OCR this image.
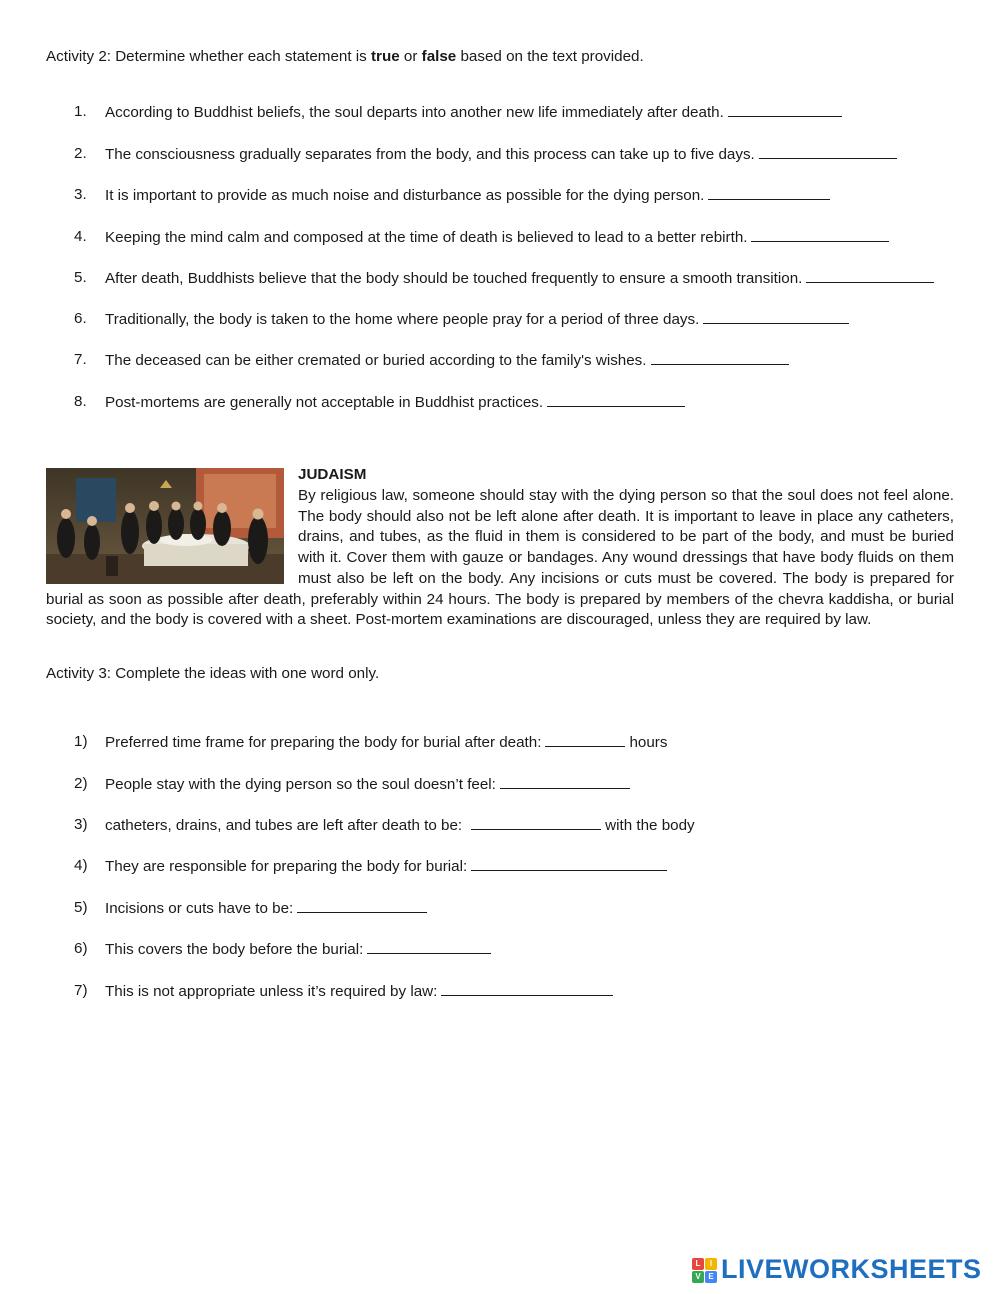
Activity 2: Determine whether each statement is true or false based on the text provided.
1. According to Buddhist beliefs, the soul departs into another new life immediately after death.
2. The consciousness gradually separates from the body, and this process can take up to five days.
3. It is important to provide as much noise and disturbance as possible for the dying person.
4. Keeping the mind calm and composed at the time of death is believed to lead to a better rebirth.
5. After death, Buddhists believe that the body should be touched frequently to ensure a smooth transition.
6. Traditionally, the body is taken to the home where people pray for a period of three days.
7. The deceased can be either cremated or buried according to the family's wishes.
8. Post-mortems are generally not acceptable in Buddhist practices.
JUDAISM
By religious law, someone should stay with the dying person so that the soul does not feel alone. The body should also not be left alone after death. It is important to leave in place any catheters, drains, and tubes, as the fluid in them is considered to be part of the body, and must be buried with it. Cover them with gauze or bandages. Any wound dressings that have body fluids on them must also be left on the body. Any incisions or cuts must be covered. The body is prepared for burial as soon as possible after death, preferably within 24 hours. The body is prepared by members of the chevra kaddisha, or burial society, and the body is covered with a sheet. Post-mortem examinations are discouraged, unless they are required by law.
Activity 3: Complete the ideas with one word only.
1) Preferred time frame for preparing the body for burial after death:	hours
2) People stay with the dying person so the soul doesn’t feel:
3) catheters, drains, and tubes are left after death to be:	with the body
4) They are responsible for preparing the body for burial:
5) Incisions or cuts have to be:
6) This covers the body before the burial:
7) This is not appropriate unless it’s required by law:
L	I
V E LIVEWORKSHEETS
